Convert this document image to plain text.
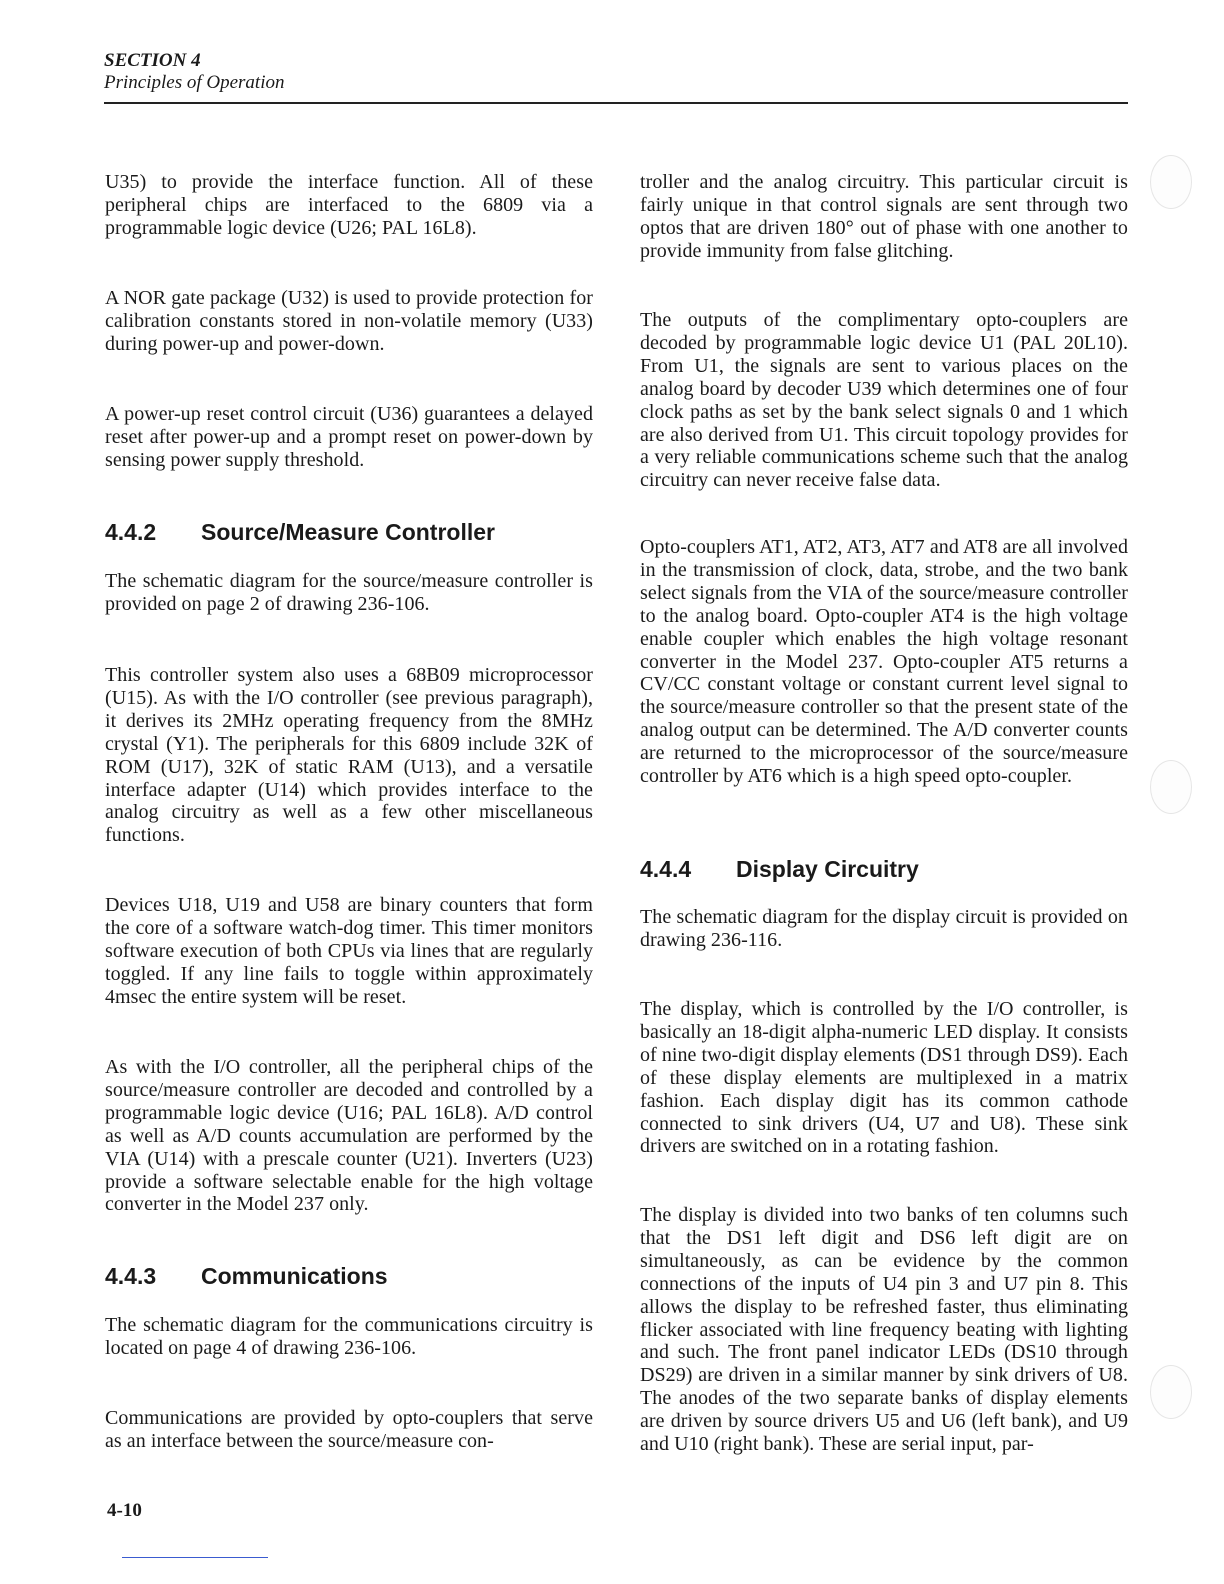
SECTION 4

Principles of Operation

U35) to provide the interface function. All of these peripheral chips are interfaced to the 6809 via a programmable logic device (U26; PAL 16L8).

A NOR gate package (U32) is used to provide protection for calibration constants stored in non-volatile memory (U33) during power-up and power-down.

A power-up reset control circuit (U36) guarantees a delayed reset after power-up and a prompt reset on power-down by sensing power supply threshold.

4.4.2 Source/Measure Controller

The schematic diagram for the source/measure controller is provided on page 2 of drawing 236-106.

This controller system also uses a 68B09 microprocessor (U15). As with the I/O controller (see previous paragraph), it derives its 2MHz operating frequency from the 8MHz crystal (Y1). The peripherals for this 6809 include 32K of ROM (U17), 32K of static RAM (U13), and a versatile interface adapter (U14) which provides interface to the analog circuitry as well as a few other miscellaneous functions.

Devices U18, U19 and U58 are binary counters that form the core of a software watch-dog timer. This timer monitors software execution of both CPUs via lines that are regularly toggled. If any line fails to toggle within approximately 4msec the entire system will be reset.

As with the I/O controller, all the peripheral chips of the source/measure controller are decoded and controlled by a programmable logic device (U16; PAL 16L8). A/D control as well as A/D counts accumulation are performed by the VIA (U14) with a prescale counter (U21). Inverters (U23) provide a software selectable enable for the high voltage converter in the Model 237 only.

4.4.3 Communications

The schematic diagram for the communications circuitry is located on page 4 of drawing 236-106.

Communications are provided by opto-couplers that serve as an interface between the source/measure con-

troller and the analog circuitry. This particular circuit is fairly unique in that control signals are sent through two optos that are driven 180° out of phase with one another to provide immunity from false glitching.

The outputs of the complimentary opto-couplers are decoded by programmable logic device U1 (PAL 20L10). From U1, the signals are sent to various places on the analog board by decoder U39 which determines one of four clock paths as set by the bank select signals 0 and 1 which are also derived from U1. This circuit topology provides for a very reliable communications scheme such that the analog circuitry can never receive false data.

Opto-couplers AT1, AT2, AT3, AT7 and AT8 are all involved in the transmission of clock, data, strobe, and the two bank select signals from the VIA of the source/measure controller to the analog board. Opto-coupler AT4 is the high voltage enable coupler which enables the high voltage resonant converter in the Model 237. Opto-coupler AT5 returns a CV/CC constant voltage or constant current level signal to the source/measure controller so that the present state of the analog output can be determined. The A/D converter counts are returned to the microprocessor of the source/measure controller by AT6 which is a high speed opto-coupler.

4.4.4 Display Circuitry

The schematic diagram for the display circuit is provided on drawing 236-116.

The display, which is controlled by the I/O controller, is basically an 18-digit alpha-numeric LED display. It consists of nine two-digit display elements (DS1 through DS9). Each of these display elements are multiplexed in a matrix fashion. Each display digit has its common cathode connected to sink drivers (U4, U7 and U8). These sink drivers are switched on in a rotating fashion.

The display is divided into two banks of ten columns such that the DS1 left digit and DS6 left digit are on simultaneously, as can be evidence by the common connections of the inputs of U4 pin 3 and U7 pin 8. This allows the display to be refreshed faster, thus eliminating flicker associated with line frequency beating with lighting and such. The front panel indicator LEDs (DS10 through DS29) are driven in a similar manner by sink drivers of U8. The anodes of the two separate banks of display elements are driven by source drivers U5 and U6 (left bank), and U9 and U10 (right bank). These are serial input, par-

4-10
